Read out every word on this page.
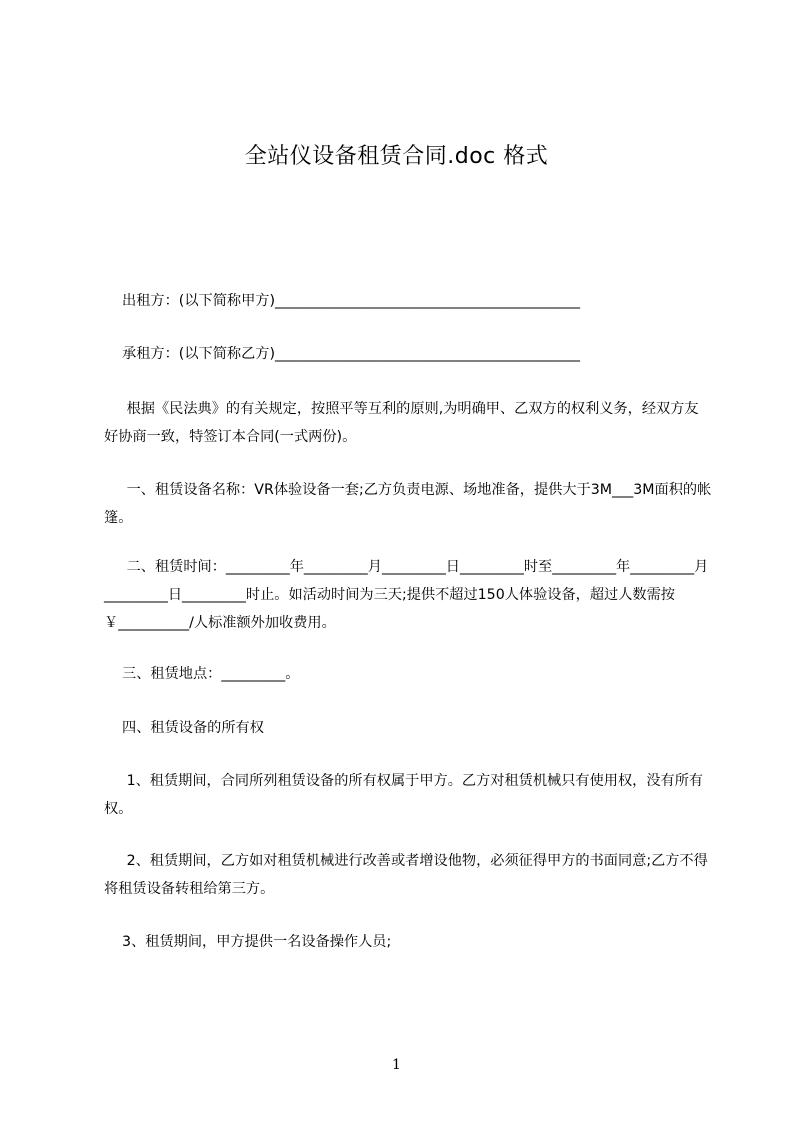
全站仪设备租赁合同.doc 格式
出租方：(以下简称甲方)___________________________________________
承租方：(以下简称乙方)___________________________________________
根据《民法典》的有关规定，按照平等互利的原则,为明确甲、乙双方的权利义务，经双方友好协商一致，特签订本合同(一式两份)。
一、租赁设备名称：VR体验设备一套;乙方负责电源、场地准备，提供大于3M___3M面积的帐篷。
二、租赁时间：_________年_________月_________日_________时至_________年_________月_________日_________时止。如活动时间为三天;提供不超过150人体验设备，超过人数需按￥__________/人标准额外加收费用。
三、租赁地点：_________。
四、租赁设备的所有权
1、租赁期间，合同所列租赁设备的所有权属于甲方。乙方对租赁机械只有使用权，没有所有权。
2、租赁期间，乙方如对租赁机械进行改善或者增设他物，必须征得甲方的书面同意;乙方不得将租赁设备转租给第三方。
3、租赁期间，甲方提供一名设备操作人员;
1
